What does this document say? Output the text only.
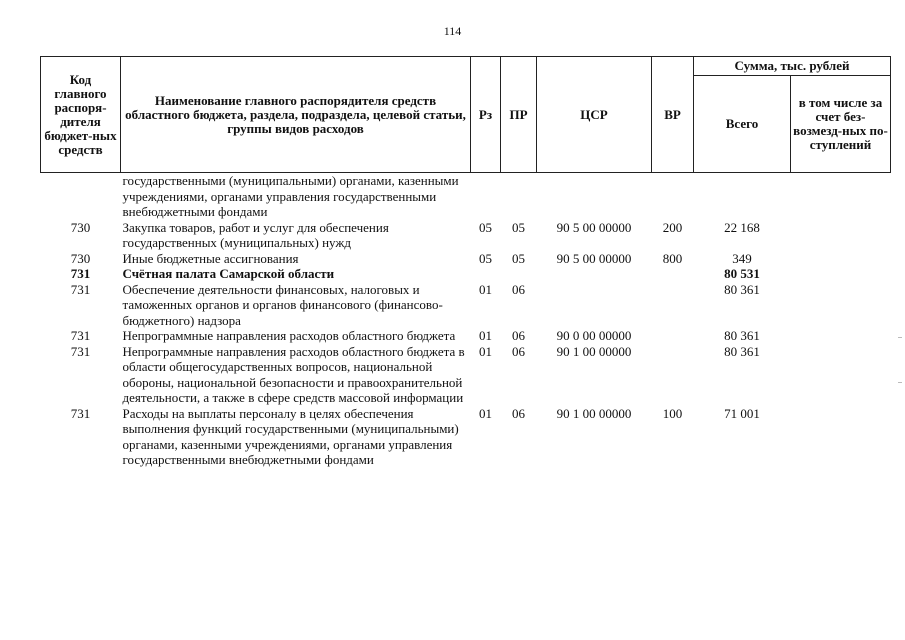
114
Код главного распоря-дителя бюджет-ных средств	Наименование главного распорядителя средств областного бюджета, раздела, подраздела, целевой статьи, группы видов расходов	Рз	ПР	ЦСР	ВР	Сумма, тыс. рублей	
						Всего	в том числе за счет без-возмезд-ных по-ступлений
	государственными (муниципальными) органами, казенными учреждениями, органами управления государственными внебюджетными фондами						
730	Закупка товаров, работ и услуг для обеспечения государственных (муниципальных) нужд	05	05	90 5 00 00000	200	22 168	
730	Иные бюджетные ассигнования	05	05	90 5 00 00000	800	349	
731	Счётная палата Самарской области					80 531	
731	Обеспечение деятельности финансовых, налоговых и таможенных органов и органов финансового (финансово-бюджетного) надзора	01	06			80 361	
731	Непрограммные направления расходов областного бюджета	01	06	90 0 00 00000		80 361	
731	Непрограммные направления расходов областного бюджета в области общегосударственных вопросов, национальной обороны, национальной безопасности и правоохранительной деятельности, а также в сфере средств массовой информации	01	06	90 1 00 00000		80 361	
731	Расходы на выплаты персоналу в целях обеспечения выполнения функций государственными (муниципальными) органами, казенными учреждениями, органами управления государственными внебюджетными фондами	01	06	90 1 00 00000	100	71 001	
